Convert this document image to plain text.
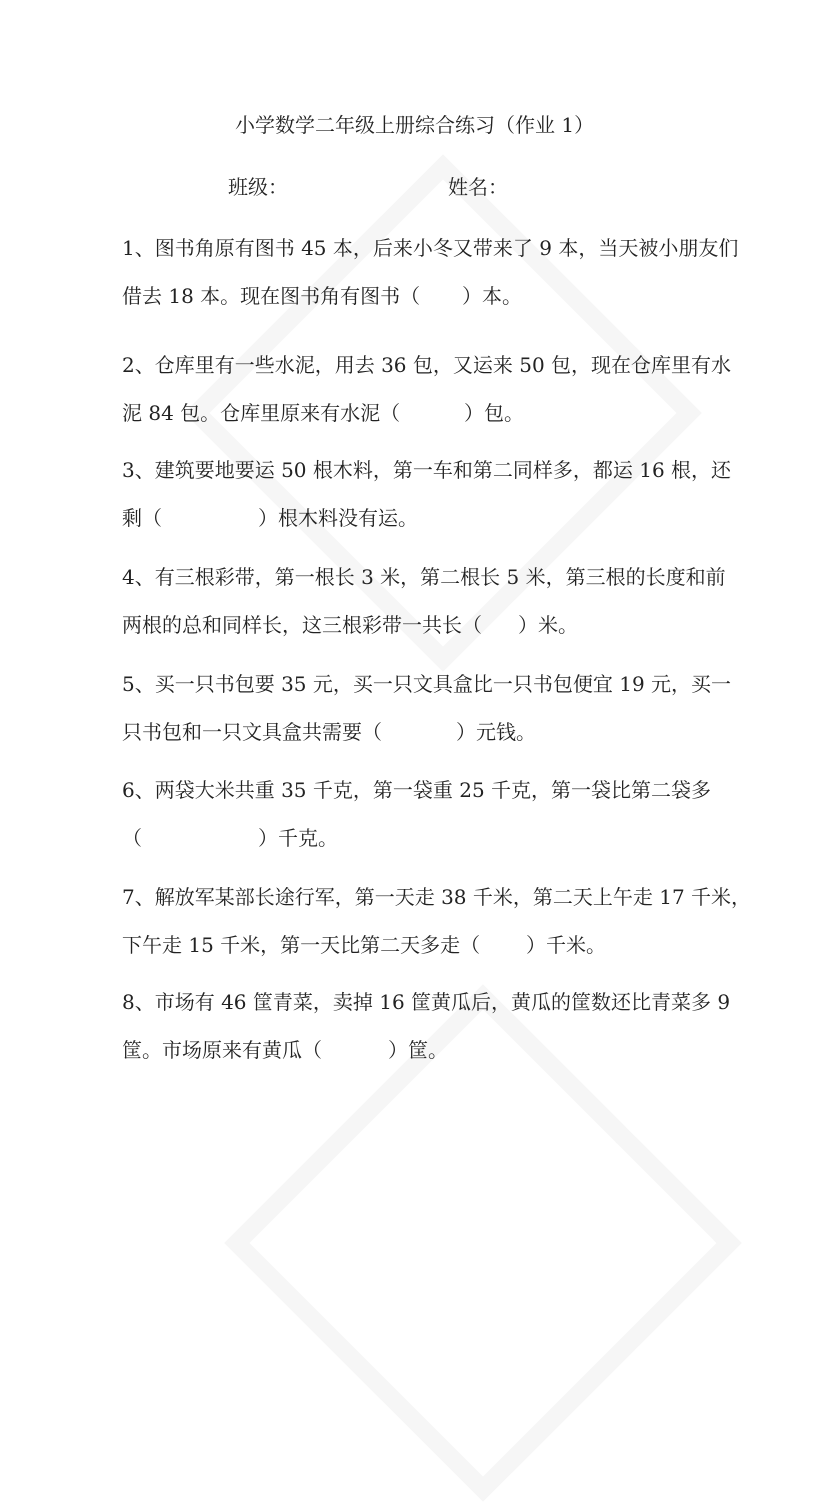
小学数学二年级上册综合练习（作业 1）
班级：	姓名：
1、图书角原有图书 45 本，后来小冬又带来了 9 本，当天被小朋友们
借去 18 本。现在图书角有图书（ ）本。
2、仓库里有一些水泥，用去 36 包，又运来 50 包，现在仓库里有水
泥 84 包。仓库里原来有水泥（	）包。
3、建筑要地要运 50 根木料，第一车和第二同样多，都运 16 根，还
剩（	）根木料没有运。
4、有三根彩带，第一根长 3 米，第二根长 5 米，第三根的长度和前
两根的总和同样长，这三根彩带一共长（ ）米。
5、买一只书包要 35 元，买一只文具盒比一只书包便宜 19 元，买一
只书包和一只文具盒共需要（	）元钱。
6、两袋大米共重 35 千克，第一袋重 25 千克，第一袋比第二袋多
（	）千克。
7、解放军某部长途行军，第一天走 38 千米，第二天上午走 17 千米，
下午走 15 千米，第一天比第二天多走（ ）千米。
8、市场有 46 筐青菜，卖掉 16 筐黄瓜后，黄瓜的筐数还比青菜多 9
筐。市场原来有黄瓜（	）筐。
